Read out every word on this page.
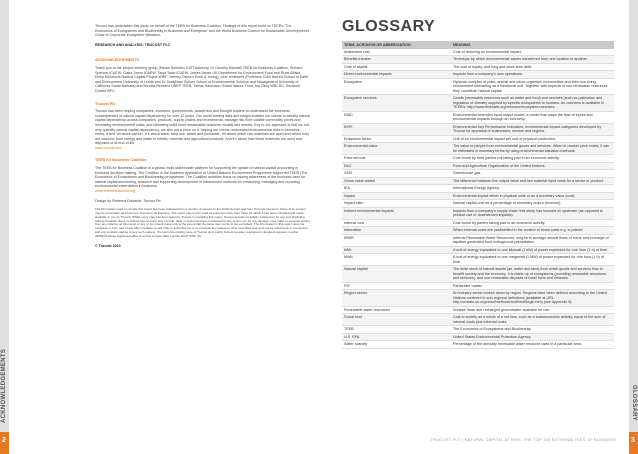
2
ACKNOWLEDGEMENTS
3
GLOSSARY

Trucost has undertaken this study on behalf of the TEEB for Business Coalition. Findings of this report build on TEEB's 'The Economics of Ecosystems and Biodiversity in Business and Enterprise' and the World Business Council for Sustainable Development's Guide to Corporate Ecosystem Valuation.

RESEARCH AND ANALYSIS: TRUCOST PLC

ACKNOWLEDGEMENTS

Thank you to the project steering group (Pavan Sukhdev GIST Advisory, Dr Dorothy Maxwell TEEB for Business Coalition, Richard Spencer ICAEW, Claire Jones ICAEW, Tanja Tadic ICAEW, James Vause UK Department for Environment Food and Rural Affairs, Emily McKenzie Natural Capital Project WWF, Jeremy Osborn Ernst & Young), peer reviewers (Professor Colin Barrett School of Earth and Environment University of Leeds and Dr Surajbhan Sollner School of Environmental Science and Management University of California Santa Barbara) and Nicolas Bertrand UNEP TEEB, Tobias Hartmann Global Nature Fund, Ina Zikey WBCSD, Suzanne Durant WRI.

Trucost Plc

Trucost has been helping companies, investors, governments, academics and thought leaders to understand the economic consequences of natural capital dependency for over 12 years. Our world leading data and insight enables our clients to identify natural capital dependency across companies, products, supply chains and investments; manage risk from volatile commodity prices and increasing environmental costs; and ultimately build more sustainable business models and brands. Key to our approach is that we not only quantify natural capital dependency, we also put a price on it, helping our clients understand environmental risks in business terms. It isn't 'all about carbon'. It's about water, land use, waste and pollutants. It's about which raw materials are used and where they are sourced, from energy and water to metals, minerals and agricultural products. And it's about how these materials are used and disposed of at end-of-life.

www.trucost.com

TEEB for Business Coalition

The TEEB for Business Coalition is a global, multi-stakeholder platform for supporting the uptake of natural capital accounting in business decision-making. The Coalition is the business application of United Nations Environment Programme supported TEEB (The Economics of Ecosystems and Biodiversity) programme. The Coalition activities focus on raising awareness of the business case for natural capital accounting, research and supporting development of harmonised methods for measuring, managing and reporting environmental externalities in business.

www.teebforbusiness.org

Design by Rebecca Edwards, Trucost Plc

The information used to compile this report has been collected from a number of sources in the public domain and from Trucost's licensors. Some of its content may be proprietary and belong to Trucost or its licensors. The report may not be used for purposes other than those for which it has been compiled and made available to you by Trucost. Whilst every care has been taken by Trucost in compiling this report, Trucost accepts no liability whatsoever for any loss (including without limitation direct or indirect loss and any loss of profit, data, or economic loss) occasioned to any person nor for any damage, cost, claim or expense arising from any reliance on this report or any of its content (save only to the extent that the same may not be in law excluded). The information in this report does not constitute or form part of any offer, invitation to sell, offer to subscribe for or to purchase any shares or other securities and must not be relied upon in connection with any contract relating to any such matters. Trucost is the trading name of Trucost plc a public limited company registered in England company number 3929223 whose registered office is at One London Wall, London EC2Y 5AB, UK.

© Trucost 2013

GLOSSARY
TERM, ACRONYM OR ABBREVIATION	MEANING
Abatement cost	Cost of reducing an environmental impact.
Benefits transfer	Technique by which environmental values transferred from one location to another.
Cost of capital	The cost of equity, and long and short-term debt.
Direct environmental impacts	Impacts from a company's own operations.
Ecosystem	Dynamic complex of plant, animal and micro-organism communities and their non-living environment interacting as a functional unit. Together with aspects of non-renewable resources they constitute 'natural capital'.
Ecosystem services	Goods (renewable resources such as water and food) and services (such as pollination and regulation of climate) supplied by specific ecosystems to humans. An overview is available in TEEB's: http://www.teebweb.org/resource/ecosystem-services.
EIBD	Environmental extended input-output model, a model that maps the flow of inputs and environmental impacts through an economy.
EKPI	Environmental Key Performance Indicators, environmental impact categories developed by Trucost for appraisal of businesses, sectors and regions.
Emissions factor	Unit of an environmental impact per unit of physical production.
Environmental value	The value to people from environmental goods and services. When in-market price exists, it can be estimated in monetary terms by using environmental valuation methods.
External cost	Cost borne by third parties not taking part in an economic activity.
FAO	Food and Agriculture Organization of the United Nations.
GHG	Greenhouse gas.
Gross value added	The difference between the output value and raw material input costs for a sector or product.
IEA	International Energy Agency.
Impact	Environmental impact either in physical units or as a monetary value (cost).
Impact ratio	Natural capital cost as a percentage of monetary output (revenue).
Indirect environmental impacts	Impacts from a company's supply chain; this study has focused on upstream (as opposed to product use or downstream impacts).
Internal cost	Cost borne by parties taking part in an economic activity.
Internalise	When external costs are paid/settled in the context of those costs e.g. a polluter.
IRWR	Internal Renewable Water Resources; long-term average annual flows of rivers and recharge of aquifers generated from endogenous precipitation.
kWh	A unit of energy equivalent to one kilowatt (1 kW) of power expended for one hour (1 h) of time.
MWh	A unit of energy equivalent to one megawatt (1 MW) of power expended for one hour (1 h) of time.
Natural capital	The finite stock of natural assets (air, water and land) from which goods and services flow to benefit society and the economy. It is made up of ecosystems (providing renewable resources and services), and non-renewable deposits of fossil fuels and minerals.
PM	Particulate matter.
Region-sector	An industry sector broken down by region. Regions have been defined according to the United Nations continent to sub-regional definitions (available at URL: http://unstats.un.org/unsd/methods/m49/m49regin.htm) (see Appendix 5).
Renewable water resources	Surface flows and recharged groundwater available for use.
Social cost	Cost to society as a whole of a net loss, such as a socioeconomic activity, equal to the sum of internal costs plus external costs.
TEEB	The Economics of Ecosystems and Biodiversity.
U.S. EPA	United States Environmental Protection Agency.
Water scarcity	Percentage of the annually renewable water resource used in a particular area.
TRUCOST PLC | NATURAL CAPITAL AT RISK: THE TOP 100 EXTERNALITIES OF BUSINESS
